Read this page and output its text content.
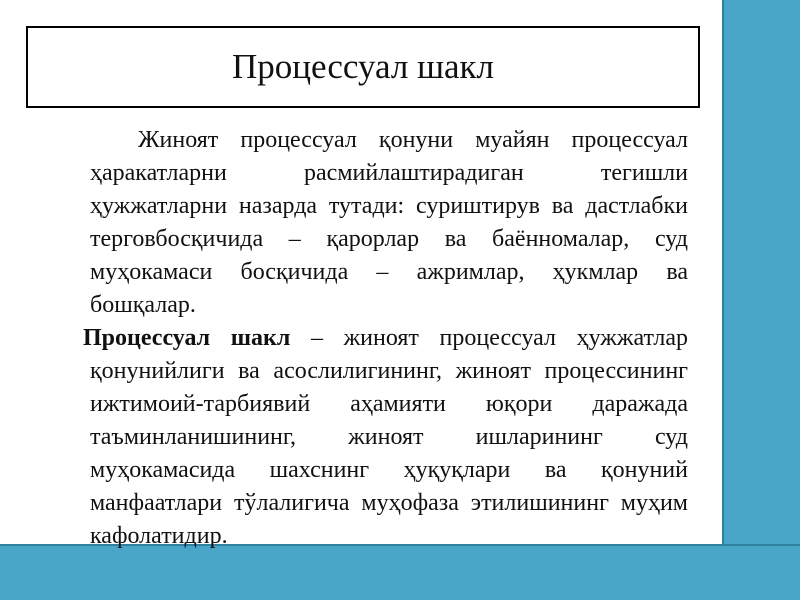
Процессуал шакл

Жиноят процессуал қонуни муайян процессуал ҳаракатларни расмийлаштирадиган тегишли ҳужжатларни назарда тутади: суриштирув ва дастлабки терговбосқичида – қарорлар ва баённомалар, суд муҳокамаси босқичида – ажримлар, ҳукмлар ва бошқалар.

Процессуал шакл – жиноят процессуал ҳужжатлар қонунийлиги ва асослилигининг, жиноят процессининг ижтимоий-тарбиявий аҳамияти юқори даражада таъминланишининг, жиноят ишларининг суд муҳокамасида шахснинг ҳуқуқлари ва қонуний манфаатлари тўлалигича муҳофаза этилишининг муҳим кафолатидир.
